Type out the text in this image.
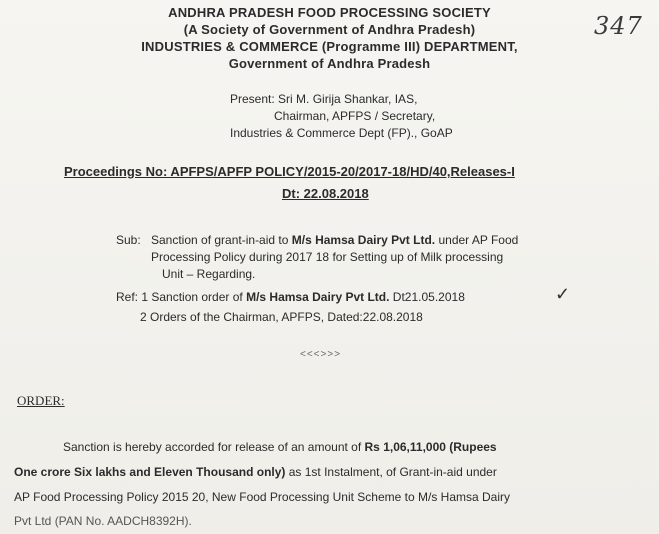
ANDHRA PRADESH FOOD PROCESSING SOCIETY
(A Society of Government of Andhra Pradesh)
INDUSTRIES & COMMERCE (Programme III) DEPARTMENT,
Government of Andhra Pradesh
347
Present: Sri M. Girija Shankar, IAS,
Chairman, APFPS / Secretary,
Industries & Commerce Dept (FP)., GoAP
Proceedings No: APFPS/APFP POLICY/2015-20/2017-18/HD/40,Releases-I
Dt: 22.08.2018
Sub: Sanction of grant-in-aid to M/s Hamsa Dairy Pvt Ltd. under AP Food
Processing Policy during 2017 18 for Setting up of Milk processing
Unit – Regarding.
Ref: 1 Sanction order of M/s Hamsa Dairy Pvt Ltd. Dt21.05.2018	✓
2 Orders of the Chairman, APFPS, Dated:22.08.2018
<<<>>>
ORDER:
Sanction is hereby accorded for release of an amount of Rs 1,06,11,000 (Rupees
One crore Six lakhs and Eleven Thousand only) as 1st Instalment, of Grant-in-aid under
AP Food Processing Policy 2015 20, New Food Processing Unit Scheme to M/s Hamsa Dairy
Pvt Ltd (PAN No. AADCH8392H).
